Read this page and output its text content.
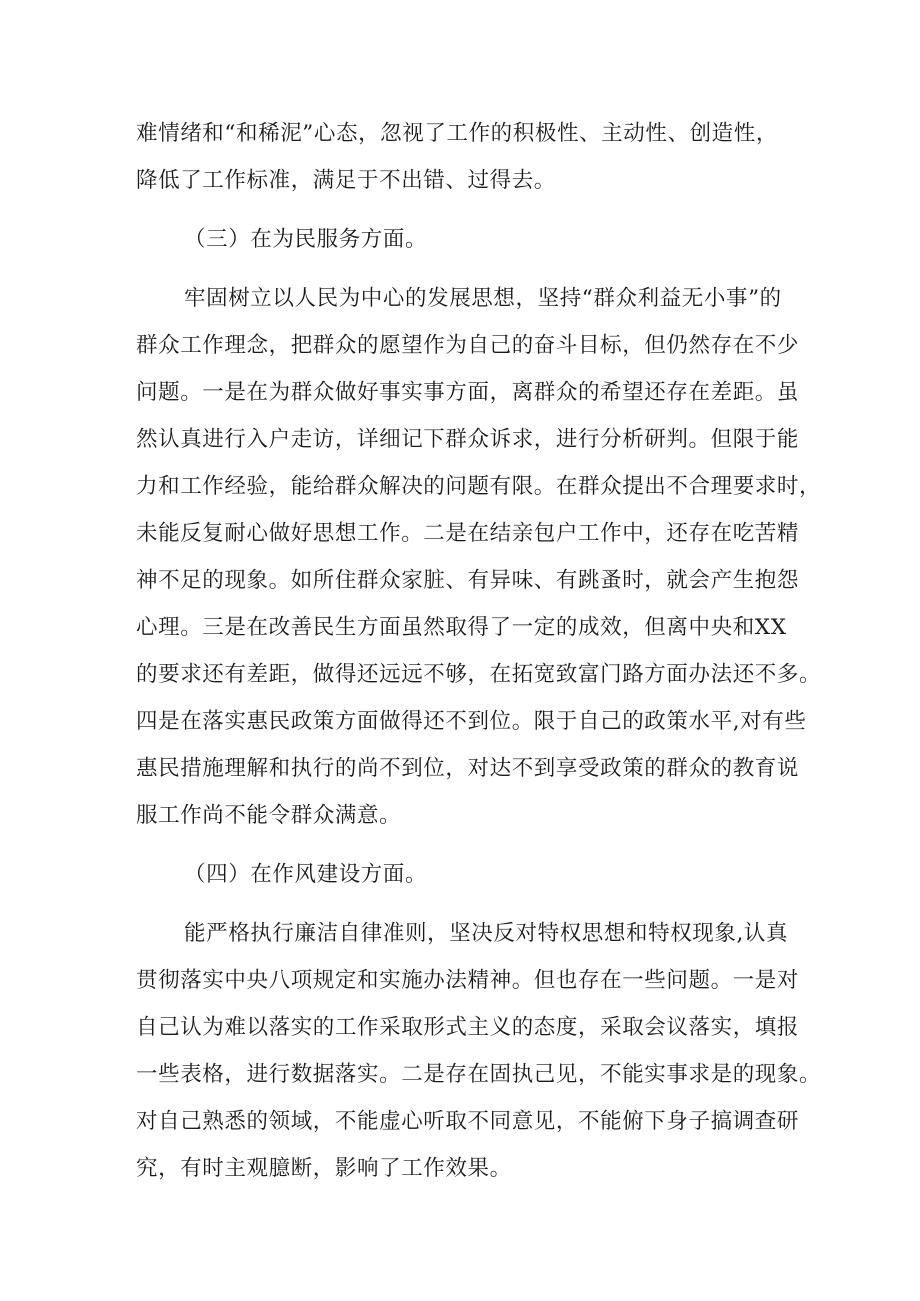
难情绪和“和稀泥”心态，忽视了工作的积极性、主动性、创造性，
降低了工作标准，满足于不出错、过得去。
（三）在为民服务方面。
牢固树立以人民为中心的发展思想，坚持“群众利益无小事”的
群众工作理念，把群众的愿望作为自己的奋斗目标，但仍然存在不少
问题。一是在为群众做好事实事方面，离群众的希望还存在差距。虽
然认真进行入户走访，详细记下群众诉求，进行分析研判。但限于能
力和工作经验，能给群众解决的问题有限。在群众提出不合理要求时，
未能反复耐心做好思想工作。二是在结亲包户工作中，还存在吃苦精
神不足的现象。如所住群众家脏、有异味、有跳蚤时，就会产生抱怨
心理。三是在改善民生方面虽然取得了一定的成效，但离中央和XX
的要求还有差距，做得还远远不够，在拓宽致富门路方面办法还不多。
四是在落实惠民政策方面做得还不到位。限于自己的政策水平,对有些
惠民措施理解和执行的尚不到位，对达不到享受政策的群众的教育说
服工作尚不能令群众满意。
（四）在作风建设方面。
能严格执行廉洁自律准则，坚决反对特权思想和特权现象,认真
贯彻落实中央八项规定和实施办法精神。但也存在一些问题。一是对
自己认为难以落实的工作采取形式主义的态度，采取会议落实，填报
一些表格，进行数据落实。二是存在固执己见，不能实事求是的现象。
对自己熟悉的领域，不能虚心听取不同意见，不能俯下身子搞调查研
究，有时主观臆断，影响了工作效果。
